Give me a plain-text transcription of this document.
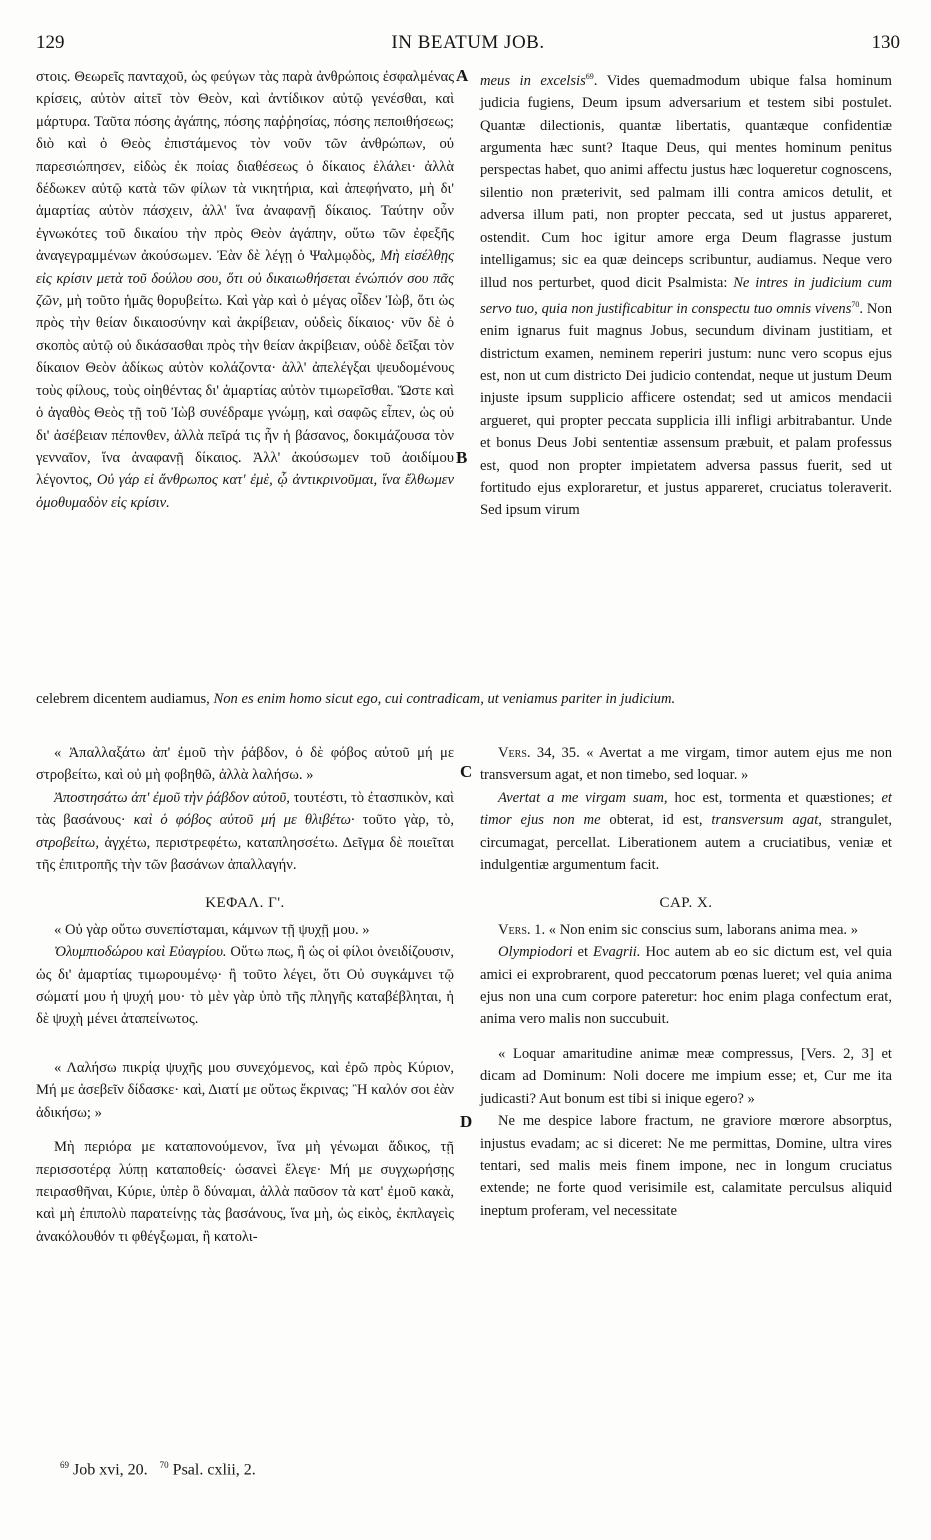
129	IN BEATUM JOB.	130
A
B
C
D

στοις. Θεωρεῖς πανταχοῦ, ὡς φεύγων τὰς παρὰ ἀνθρώποις ἐσφαλμένας κρίσεις, αὐτὸν αἰτεῖ τὸν Θεὸν, καὶ ἀντίδικον αὐτῷ γενέσθαι, καὶ μάρτυρα. Ταῦτα πόσης ἀγάπης, πόσης παῤῥησίας, πόσης πεποιθήσεως; διὸ καὶ ὁ Θεὸς ἐπιστάμενος τὸν νοῦν τῶν ἀνθρώπων, οὐ παρεσιώπησεν, εἰδὼς ἐκ ποίας διαθέσεως ὁ δίκαιος ἐλάλει· ἀλλὰ δέδωκεν αὐτῷ κατὰ τῶν φίλων τὰ νικητήρια, καὶ ἀπεφήνατο, μὴ δι' ἁμαρτίας αὐτὸν πάσχειν, ἀλλ' ἵνα ἀναφανῇ δίκαιος. Ταύτην οὖν ἐγνωκότες τοῦ δικαίου τὴν πρὸς Θεὸν ἀγάπην, οὕτω τῶν ἐφεξῆς ἀναγεγραμμένων ἀκούσωμεν. Ἐὰν δὲ λέγῃ ὁ Ψαλμῳδὸς, Μὴ εἰσέλθῃς εἰς κρίσιν μετὰ τοῦ δούλου σου, ὅτι οὐ δικαιωθήσεται ἐνώπιόν σου πᾶς ζῶν, μὴ τοῦτο ἡμᾶς θορυβείτω. Καὶ γὰρ καὶ ὁ μέγας οἶδεν Ἰὼβ, ὅτι ὡς πρὸς τὴν θείαν δικαιοσύνην καὶ ἀκρίβειαν, οὐδεὶς δίκαιος· νῦν δὲ ὁ σκοπὸς αὐτῷ οὐ δικάσασθαι πρὸς τὴν θείαν ἀκρίβειαν, οὐδὲ δεῖξαι τὸν δίκαιον Θεὸν ἀδίκως αὐτὸν κολάζοντα· ἀλλ' ἀπελέγξαι ψευδομένους τοὺς φίλους, τοὺς οἰηθέντας δι' ἁμαρτίας αὐτὸν τιμωρεῖσθαι. Ὥστε καὶ ὁ ἀγαθὸς Θεὸς τῇ τοῦ Ἰὼβ συνέδραμε γνώμῃ, καὶ σαφῶς εἶπεν, ὡς οὐ δι' ἀσέβειαν πέπονθεν, ἀλλὰ πεῖρά τις ἦν ἡ βάσανος, δοκιμάζουσα τὸν γενναῖον, ἵνα ἀναφανῇ δίκαιος. Ἀλλ' ἀκούσωμεν τοῦ ἀοιδίμου λέγοντος, Οὐ γάρ εἰ ἄνθρωπος κατ' ἐμὲ, ᾧ ἀντικρινοῦμαι, ἵνα ἔλθωμεν ὁμοθυμαδὸν εἰς κρίσιν.

meus in excelsis$^{69}$. Vides quemadmodum ubique falsa hominum judicia fugiens, Deum ipsum adversarium et testem sibi postulet. Quantæ dilectionis, quantæ libertatis, quantæque confidentiæ argumenta hæc sunt? Itaque Deus, qui mentes hominum penitus perspectas habet, quo animi affectu justus hæc loqueretur cognoscens, silentio non præterivit, sed palmam illi contra amicos detulit, et adversa illum pati, non propter peccata, sed ut justus appareret, ostendit. Cum hoc igitur amore erga Deum flagrasse justum intelligamus; sic ea quæ deinceps scribuntur, audiamus. Neque vero illud nos perturbet, quod dicit Psalmista: Ne intres in judicium cum servo tuo, quia non justificabitur in conspectu tuo omnis vivens$^{70}$. Non enim ignarus fuit magnus Jobus, secundum divinam justitiam, et districtum examen, neminem reperiri justum: nunc vero scopus ejus est, non ut cum districto Dei judicio contendat, neque ut justum Deum injuste ipsum supplicio afficere ostendat; sed ut amicos mendacii argueret, qui propter peccata supplicia illi infligi arbitrabantur. Unde et bonus Deus Jobi sententiæ assensum præbuit, et palam professus est, quod non propter impietatem adversa passus fuerit, sed ut fortitudo ejus exploraretur, et justus appareret, cruciatus toleraverit. Sed ipsum virum

celebrem dicentem audiamus, Non es enim homo sicut ego, cui contradicam, ut veniamus pariter in judicium.

« Ἀπαλλαξάτω ἀπ' ἐμοῦ τὴν ῥάβδον, ὁ δὲ φόβος αὐτοῦ μή με στροβείτω, καὶ οὐ μὴ φοβηθῶ, ἀλλὰ λαλήσω. »

Ἀποστησάτω ἀπ' ἐμοῦ τὴν ῥάβδον αὐτοῦ, τουτέστι, τὸ ἐτασπικὸν, καὶ τὰς βασάνους· καὶ ὁ φόβος αὐτοῦ μή με θλιβέτω· τοῦτο γὰρ, τὸ, στροβείτω, ἀγχέτω, περιστρεφέτω, καταπλησσέτω. Δεῖγμα δὲ ποιεῖται τῆς ἐπιτροπῆς τὴν τῶν βασάνων ἀπαλλαγήν.

ΚΕΦΑΛ. Γ'.

« Οὐ γὰρ οὕτω συνεπίσταμαι, κάμνων τῇ ψυχῇ μου. »

Ὀλυμπιοδώρου καὶ Εὐαγρίου. Οὕτω πως, ἢ ὡς οἱ φίλοι ὀνειδίζουσιν, ὡς δι' ἁμαρτίας τιμωρουμένῳ· ἢ τοῦτο λέγει, ὅτι Οὐ συγκάμνει τῷ σώματί μου ἡ ψυχή μου· τὸ μὲν γὰρ ὑπὸ τῆς πληγῆς καταβέβληται, ἡ δὲ ψυχὴ μένει ἀταπείνωτος.

« Λαλήσω πικρίᾳ ψυχῆς μου συνεχόμενος, καὶ ἐρῶ πρὸς Κύριον, Μή με ἀσεβεῖν δίδασκε· καὶ, Διατί με οὕτως ἔκρινας; Ἢ καλόν σοι ἐὰν ἀδικήσω; »

Μὴ περιόρα με καταπονούμενον, ἵνα μὴ γένωμαι ἄδικος, τῇ περισσοτέρᾳ λύπῃ καταποθείς· ὡσανεὶ ἔλεγε· Μή με συγχωρήσῃς πειρασθῆναι, Κύριε, ὑπὲρ ὃ δύναμαι, ἀλλὰ παῦσον τὰ κατ' ἐμοῦ κακὰ, καὶ μὴ ἐπιπολὺ παρατείνῃς τὰς βασάνους, ἵνα μὴ, ὡς εἰκὸς, ἐκπλαγεὶς ἀνακόλουθόν τι φθέγξωμαι, ἢ κατολι-

Vers. 34, 35. « Avertat a me virgam, timor autem ejus me non transversum agat, et non timebo, sed loquar. »

Avertat a me virgam suam, hoc est, tormenta et quæstiones; et timor ejus non me obterat, id est, transversum agat, strangulet, circumagat, percellat. Liberationem autem a cruciatibus, veniæ et indulgentiæ argumentum facit.

CAP. X.

Vers. 1. « Non enim sic conscius sum, laborans anima mea. »

Olympiodori et Evagrii. Hoc autem ab eo sic dictum est, vel quia amici ei exprobrarent, quod peccatorum pœnas lueret; vel quia anima ejus non una cum corpore pateretur: hoc enim plaga confectum erat, anima vero malis non succubuit.

« Loquar amaritudine animæ meæ compressus, [Vers. 2, 3] et dicam ad Dominum: Noli docere me impium esse; et, Cur me ita judicasti? Aut bonum est tibi si inique egero? »

Ne me despice labore fractum, ne graviore mœrore absorptus, injustus evadam; ac si diceret: Ne me permittas, Domine, ultra vires tentari, sed malis meis finem impone, nec in longum cruciatus extende; ne forte quod verisimile est, calamitate perculsus aliquid ineptum proferam, vel necessitate

$^{69}$ Job xvi, 20. $^{70}$ Psal. cxlii, 2.
